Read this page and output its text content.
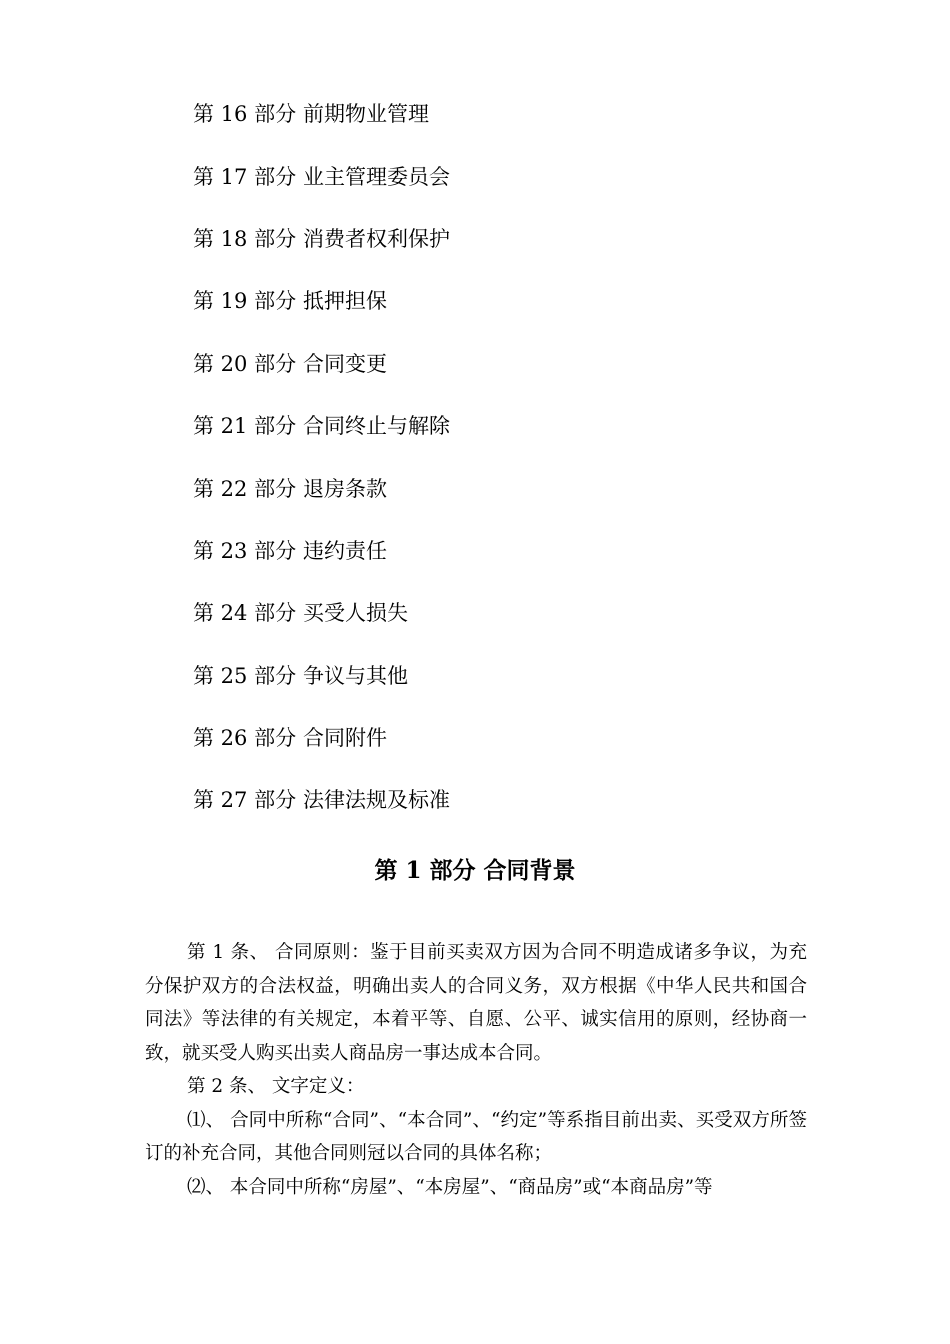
第 16 部分 前期物业管理
第 17 部分 业主管理委员会
第 18 部分 消费者权利保护
第 19 部分 抵押担保
第 20 部分 合同变更
第 21 部分 合同终止与解除
第 22 部分 退房条款
第 23 部分 违约责任
第 24 部分 买受人损失
第 25 部分 争议与其他
第 26 部分 合同附件
第 27 部分 法律法规及标准
第 1 部分 合同背景

第 1 条、 合同原则：鉴于目前买卖双方因为合同不明造成诸多争议，为充分保护双方的合法权益，明确出卖人的合同义务，双方根据《中华人民共和国合同法》等法律的有关规定，本着平等、自愿、公平、诚实信用的原则，经协商一致，就买受人购买出卖人商品房一事达成本合同。

第 2 条、 文字定义：

⑴、 合同中所称“合同”、“本合同”、“约定”等系指目前出卖、买受双方所签订的补充合同，其他合同则冠以合同的具体名称；

⑵、 本合同中所称“房屋”、“本房屋”、“商品房”或“本商品房”等
